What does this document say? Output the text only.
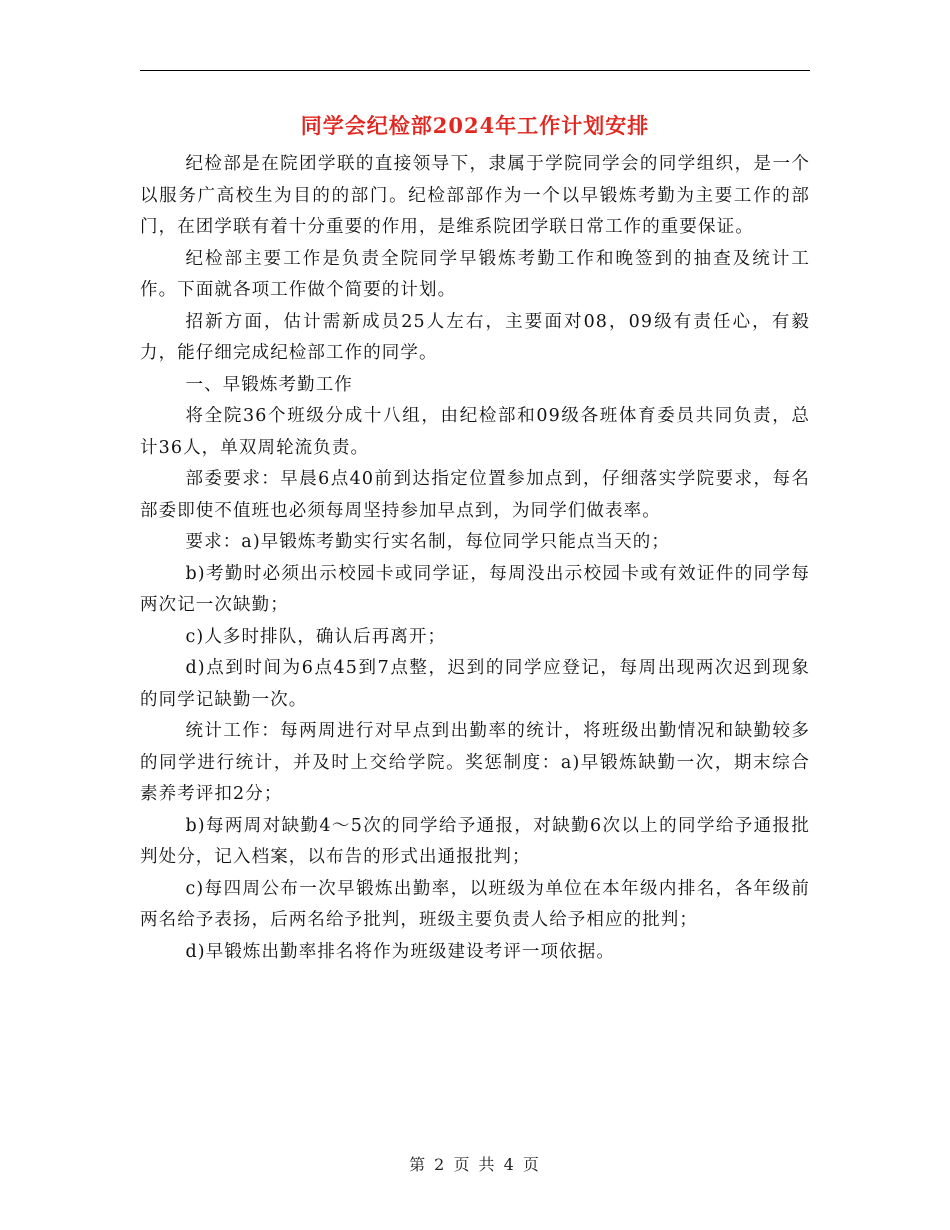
同学会纪检部2024年工作计划安排

纪检部是在院团学联的直接领导下，隶属于学院同学会的同学组织，是一个以服务广高校生为目的的部门。纪检部部作为一个以早锻炼考勤为主要工作的部门，在团学联有着十分重要的作用，是维系院团学联日常工作的重要保证。

纪检部主要工作是负责全院同学早锻炼考勤工作和晚签到的抽查及统计工作。下面就各项工作做个简要的计划。

招新方面，估计需新成员25人左右，主要面对08，09级有责任心，有毅力，能仔细完成纪检部工作的同学。

一、早锻炼考勤工作

将全院36个班级分成十八组，由纪检部和09级各班体育委员共同负责，总计36人，单双周轮流负责。

部委要求：早晨6点40前到达指定位置参加点到，仔细落实学院要求，每名部委即使不值班也必须每周坚持参加早点到，为同学们做表率。

要求：a)早锻炼考勤实行实名制，每位同学只能点当天的；

b)考勤时必须出示校园卡或同学证，每周没出示校园卡或有效证件的同学每两次记一次缺勤；

c)人多时排队，确认后再离开；

d)点到时间为6点45到7点整，迟到的同学应登记，每周出现两次迟到现象的同学记缺勤一次。

统计工作：每两周进行对早点到出勤率的统计，将班级出勤情况和缺勤较多的同学进行统计，并及时上交给学院。奖惩制度：a)早锻炼缺勤一次，期末综合素养考评扣2分；

b)每两周对缺勤4～5次的同学给予通报，对缺勤6次以上的同学给予通报批判处分，记入档案，以布告的形式出通报批判；

c)每四周公布一次早锻炼出勤率，以班级为单位在本年级内排名，各年级前两名给予表扬，后两名给予批判，班级主要负责人给予相应的批判；

d)早锻炼出勤率排名将作为班级建设考评一项依据。

第 2 页 共 4 页
